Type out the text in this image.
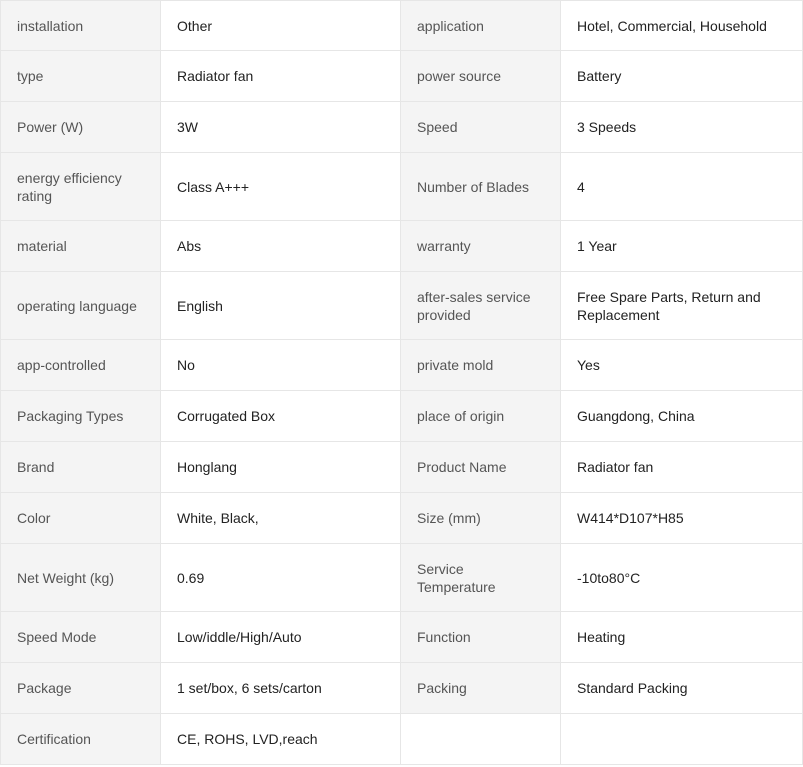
installation	Other	application	Hotel, Commercial, Household
type	Radiator fan	power source	Battery
Power (W)	3W	Speed	3 Speeds
energy efficiency rating	Class A+++	Number of Blades	4
material	Abs	warranty	1 Year
operating language	English	after-sales service provided	Free Spare Parts, Return and Replacement
app-controlled	No	private mold	Yes
Packaging Types	Corrugated Box	place of origin	Guangdong, China
Brand	Honglang	Product Name	Radiator fan
Color	White, Black,	Size (mm)	W414*D107*H85
Net Weight (kg)	0.69	Service Temperature	-10to80°C
Speed Mode	Low/iddle/High/Auto	Function	Heating
Package	1 set/box, 6 sets/carton	Packing	Standard Packing
Certification	CE, ROHS, LVD,reach		
